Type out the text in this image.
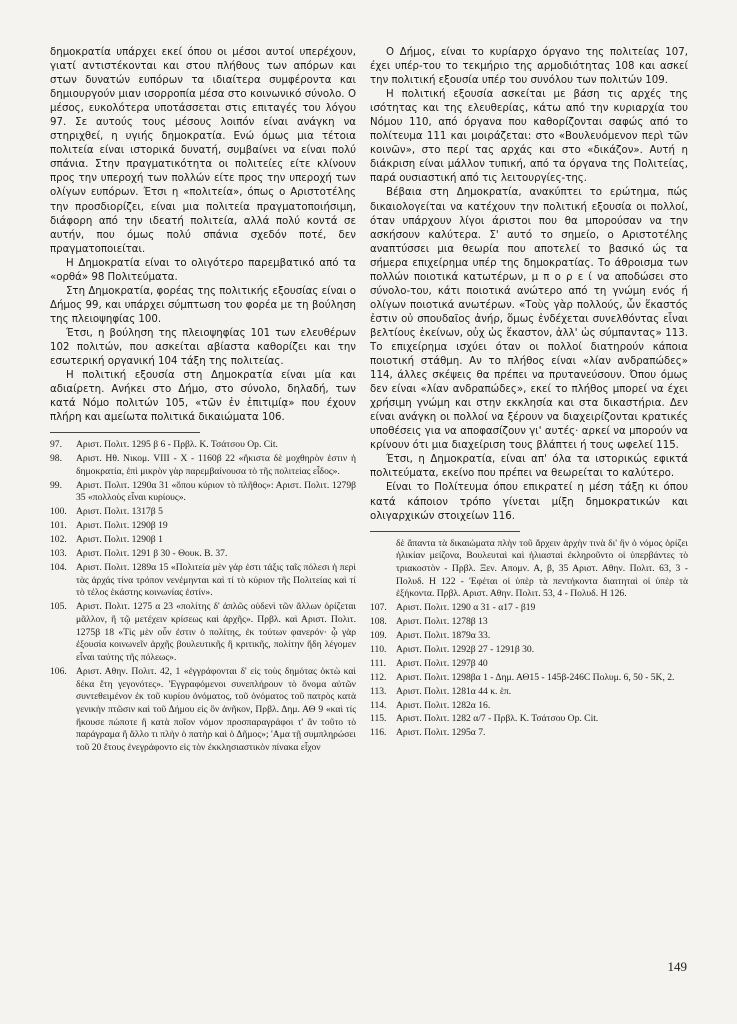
δημοκρατία υπάρχει εκεί όπου οι μέσοι αυτοί υπερέχουν, γιατί αντιστέκονται και στου πλήθους των απόρων και στων δυνατών ευπόρων τα ιδιαίτερα συμφέροντα και δημιουργούν μιαν ισορροπία μέσα στο κοινωνικό σύνολο. Ο μέσος, ευκολότερα υποτάσσεται στις επιταγές του λόγου 97. Σε αυτούς τους μέσους λοιπόν είναι ανάγκη να στηριχθεί, η υγιής δημοκρατία. Ενώ όμως μια τέτοια πολιτεία είναι ιστορικά δυνατή, συμβαίνει να είναι πολύ σπάνια. Στην πραγματικότητα οι πολιτείες είτε κλίνουν προς την υπεροχή των πολλών είτε προς την υπεροχή των ολίγων ευπόρων. Έτσι η «πολιτεία», όπως ο Αριστοτέλης την προσδιορίζει, είναι μια πολιτεία πραγματοποιήσιμη, διάφορη από την ιδεατή πολιτεία, αλλά πολύ κοντά σε αυτήν, που όμως πολύ σπάνια σχεδόν ποτέ, δεν πραγματοποιείται.

Η Δημοκρατία είναι το ολιγότερο παρεμβατικό από τα «ορθά» 98 Πολιτεύματα.

Στη Δημοκρατία, φορέας της πολιτικής εξουσίας είναι ο Δήμος 99, και υπάρχει σύμπτωση του φορέα με τη βούληση της πλειοψηφίας 100.

Έτσι, η βούληση της πλειοψηφίας 101 των ελευθέρων 102 πολιτών, που ασκείται αβίαστα καθορίζει και την εσωτερική οργανική 104 τάξη της πολιτείας.

Η πολιτική εξουσία στη Δημοκρατία είναι μία και αδιαίρετη. Ανήκει στο Δήμο, στο σύνολο, δηλαδή, των κατά Νόμο πολιτών 105, «τῶν ἐν ἐπιτιμίᾳ» που έχουν πλήρη και αμείωτα πολιτικά δικαιώματα 106.

97.	Αριστ. Πολιτ. 1295 β 6 - Πρβλ. Κ. Τσάτσου Op. Cit.
98.	Αριστ. Ηθ. Νικομ. VIII - X - 1160β 22 «ἥκιστα δὲ μοχθηρὸν ἐστιν ἡ δημοκρατία, ἐπὶ μικρὸν γὰρ παρεμβαίνουσα τὸ τῆς πολιτείας εἶδος».
99.	Αριστ. Πολιτ. 1290α 31 «ὅπου κύριον τὸ πλῆθος»: Αριστ. Πολιτ. 1279β 35 «πολλοὺς εἶναι κυρίους».
100. Αριστ. Πολιτ. 1317β 5
101. Αριστ. Πολιτ. 1290β 19
102. Αριστ. Πολιτ. 1290β 1
103. Αριστ. Πολιτ. 1291 β 30 - Θουκ. Β. 37.
104. Αριστ. Πολιτ. 1289α 15 «Πολιτεία μὲν γάρ ἐστι τάξις ταῖς πόλεσι ἡ περὶ τὰς ἀρχάς τίνα τρόπον νενέμηνται καὶ τί τὸ κύριον τῆς Πολιτείας καὶ τί τὸ τέλος ἑκάστης κοινωνίας ἐστίν».
105. Αριστ. Πολιτ. 1275 α 23 «πολίτης δ' ἁπλῶς οὐδενὶ τῶν ἄλλων ὁρίζεται μᾶλλον, ἢ τῷ μετέχειν κρίσεως καὶ ἀρχῆς». Πρβλ. καὶ Αριστ. Πολιτ. 1275β 18 «Τὶς μὲν οὖν ἐστιν ὁ πολίτης, ἐκ τούτων φανερόν· ᾧ γὰρ ἐξουσία κοινωνεῖν ἀρχῆς βουλευτικῆς ἢ κριτικῆς, πολίτην ἤδη λέγομεν εἶναι ταύτης τῆς πόλεως».
106. Αριστ. Αθην. Πολιτ. 42, 1 «ἐγγράφονται δ' εἰς τοὺς δημότας ὀκτὼ καὶ δέκα ἔτη γεγονότες». 'Εγγραφόμενοι συνεπλήρουν τὸ ὄνομα αὐτῶν συντεθειμένον ἐκ τοῦ κυρίου ὀνόματος, τοῦ ὀνόματος τοῦ πατρὸς κατὰ γενικὴν πτῶσιν καὶ τοῦ Δήμου εἰς ὃν ἀνῆκον, Πρβλ. Δημ. ΑΘ 9 «καὶ τίς ἤκουσε πώποτε ἢ κατὰ ποῖον νόμον προσπαραγράφοι τ' ἂν τοῦτο τὸ παράγραμα ἢ ἄλλο τι πλὴν ὁ πατὴρ καὶ ὁ Δῆμος»; 'Αμα τῇ συμπληρώσει τοῦ 20 ἔτους ἐνεγράφοντο εἰς τὸν ἐκκλησιαστικὸν πίνακα εἶχον

Ο Δήμος, είναι το κυρίαρχο όργανο της πολιτείας 107, έχει υπέρ-του το τεκμήριο της αρμοδιότητας 108 και ασκεί την πολιτική εξουσία υπέρ του συνόλου των πολιτών 109.

Η πολιτική εξουσία ασκείται με βάση τις αρχές της ισότητας και της ελευθερίας, κάτω από την κυριαρχία του Νόμου 110, από όργανα που καθορίζονται σαφώς από το πολίτευμα 111 και μοιράζεται: στο «Βουλευόμενον περὶ τῶν κοινῶν», στο περί τας αρχάς και στο «δικάζον». Αυτή η διάκριση είναι μάλλον τυπική, από τα όργανα της Πολιτείας, παρά ουσιαστική από τις λειτουργίες-της.

Βέβαια στη Δημοκρατία, ανακύπτει το ερώτημα, πώς δικαιολογείται να κατέχουν την πολιτική εξουσία οι πολλοί, όταν υπάρχουν λίγοι άριστοι που θα μπορούσαν να την ασκήσουν καλύτερα. Σ' αυτό το σημείο, ο Αριστοτέλης αναπτύσσει μια θεωρία που αποτελεί το βασικό ώς τα σήμερα επιχείρημα υπέρ της δημοκρατίας. Το άθροισμα των πολλών ποιοτικά κατωτέρων, μ π ο ρ ε ί να αποδώσει στο σύνολο-του, κάτι ποιοτικά ανώτερο από τη γνώμη ενός ή ολίγων ποιοτικά ανωτέρων. «Τοὺς γὰρ πολλούς, ὧν ἕκαστός ἐστιν οὐ σπουδαῖος ἀνήρ, ὅμως ἐνδέχεται συνελθόντας εἶναι βελτίους ἐκείνων, οὐχ ὡς ἕκαστον, ἀλλ' ὡς σύμπαντας» 113. Το επιχείρημα ισχύει όταν οι πολλοί διατηρούν κάποια ποιοτική στάθμη. Αν το πλήθος είναι «λίαν ανδραπώδες» 114, άλλες σκέψεις θα πρέπει να πρυτανεύσουν. Όπου όμως δεν είναι «λίαν ανδραπώδες», εκεί το πλήθος μπορεί να έχει χρήσιμη γνώμη και στην εκκλησία και στα δικαστήρια. Δεν είναι ανάγκη οι πολλοί να ξέρουν να διαχειρίζονται κρατικές υποθέσεις για να αποφασίζουν γι' αυτές· αρκεί να μπορούν να κρίνουν ότι μια διαχείριση τους βλάπτει ή τους ωφελεί 115.

Έτσι, η Δημοκρατία, είναι απ' όλα τα ιστορικώς εφικτά πολιτεύματα, εκείνο που πρέπει να θεωρείται το καλύτερο.

Είναι το Πολίτευμα όπου επικρατεί η μέση τάξη κι όπου κατά κάποιον τρόπο γίνεται μίξη δημοκρατικών και ολιγαρχικών στοιχείων 116.

δὲ ἅπαντα τὰ δικαιώματα πλὴν τοῦ ἄρχειν ἀρχὴν τινὰ δι' ἣν ὁ νόμος ὁρίζει ἡλικίαν μείζονα, Βουλευταὶ καὶ ἡλιασταὶ ἐκληροῦντο οἱ ὑπερβάντες τὸ τριακοστὸν - Πρβλ. Ξεν. Απομν. Α, β, 35 Αριστ. Αθην. Πολιτ. 63, 3 - Πολυδ. Η 122 - 'Εφέται οἱ ὑπὲρ τὰ πεντήκοντα διαιτηταὶ οἱ ὑπὲρ τὰ ἑξήκοντα. Πρβλ. Αριστ. Αθην. Πολιτ. 53, 4 - Πολυδ. Η 126.
107. Αριστ. Πολιτ. 1290 α 31 - α17 - β19
108. Αριστ. Πολιτ. 1278β 13
109. Αριστ. Πολιτ. 1879α 33.
110. Αριστ. Πολιτ. 1292β 27 - 1291β 30.
111.	Αριστ. Πολιτ. 1297β 40
112. Αριστ. Πολιτ. 1298βα 1 - Δημ. ΑΘ15 - 145β-246C Πολυμ. 6, 50 - 5Κ, 2.
113. Αριστ. Πολιτ. 1281α 44 κ. ἑπ.
114. Αριστ. Πολιτ. 1282α 16.
115. Αριστ. Πολιτ. 1282 α/7 - Πρβλ. Κ. Τσάτσου Op. Cit.
116. Αριστ. Πολιτ. 1295α 7.
149
